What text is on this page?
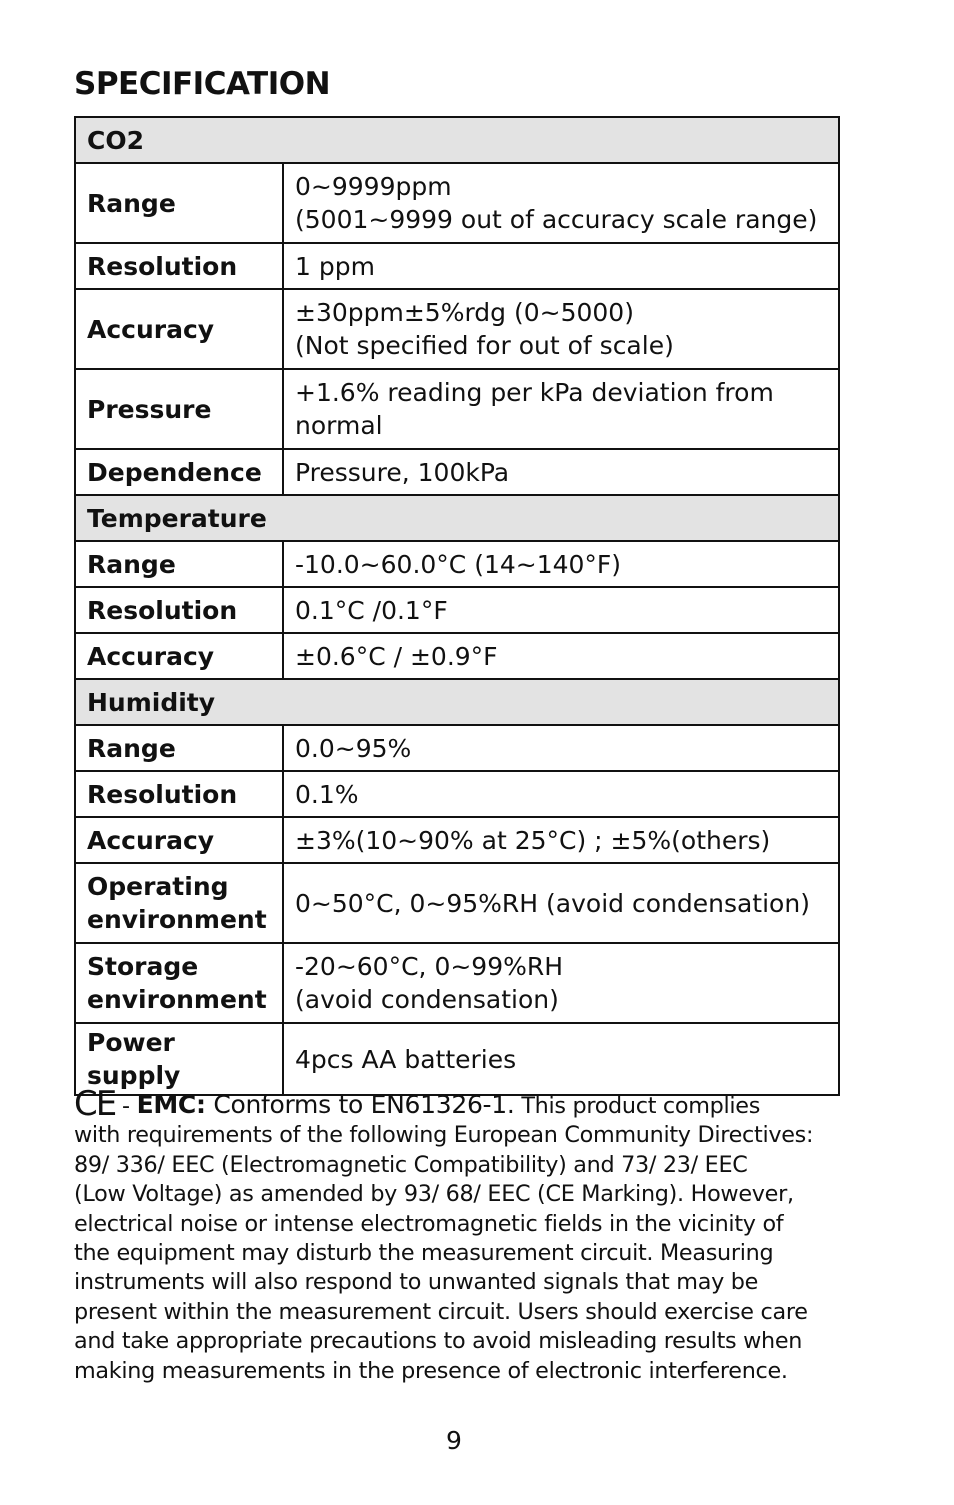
SPECIFICATION
CO2	
Range	0~9999ppm
(5001~9999 out of accuracy scale range)

Resolution	1 ppm
Accuracy	±30ppm±5%rdg (0~5000)
(Not specified for out of scale)

Pressure	+1.6% reading per kPa deviation from
normal

Dependence	Pressure, 100kPa
Temperature	
Range	-10.0~60.0°C (14~140°F)
Resolution	0.1°C /0.1°F
Accuracy	±0.6°C / ±0.9°F
Humidity	
Range	0.0~95%
Resolution	0.1%
Accuracy	±3%(10~90% at 25°C) ; ±5%(others)

Operating
environment	0~50°C, 0~95%RH (avoid condensation)

Storage
environment	-20~60°C, 0~99%RH
(avoid condensation)

Power supply	4pcs AA batteries
CE - EMC: Conforms to EN61326-1. This product complies
with requirements of the following European Community Directives:
89/ 336/ EEC (Electromagnetic Compatibility) and 73/ 23/ EEC
(Low Voltage) as amended by 93/ 68/ EEC (CE Marking). However,
electrical noise or intense electromagnetic fields in the vicinity of
the equipment may disturb the measurement circuit. Measuring
instruments will also respond to unwanted signals that may be
present within the measurement circuit. Users should exercise care
and take appropriate precautions to avoid misleading results when
making measurements in the presence of electronic interference.
9
